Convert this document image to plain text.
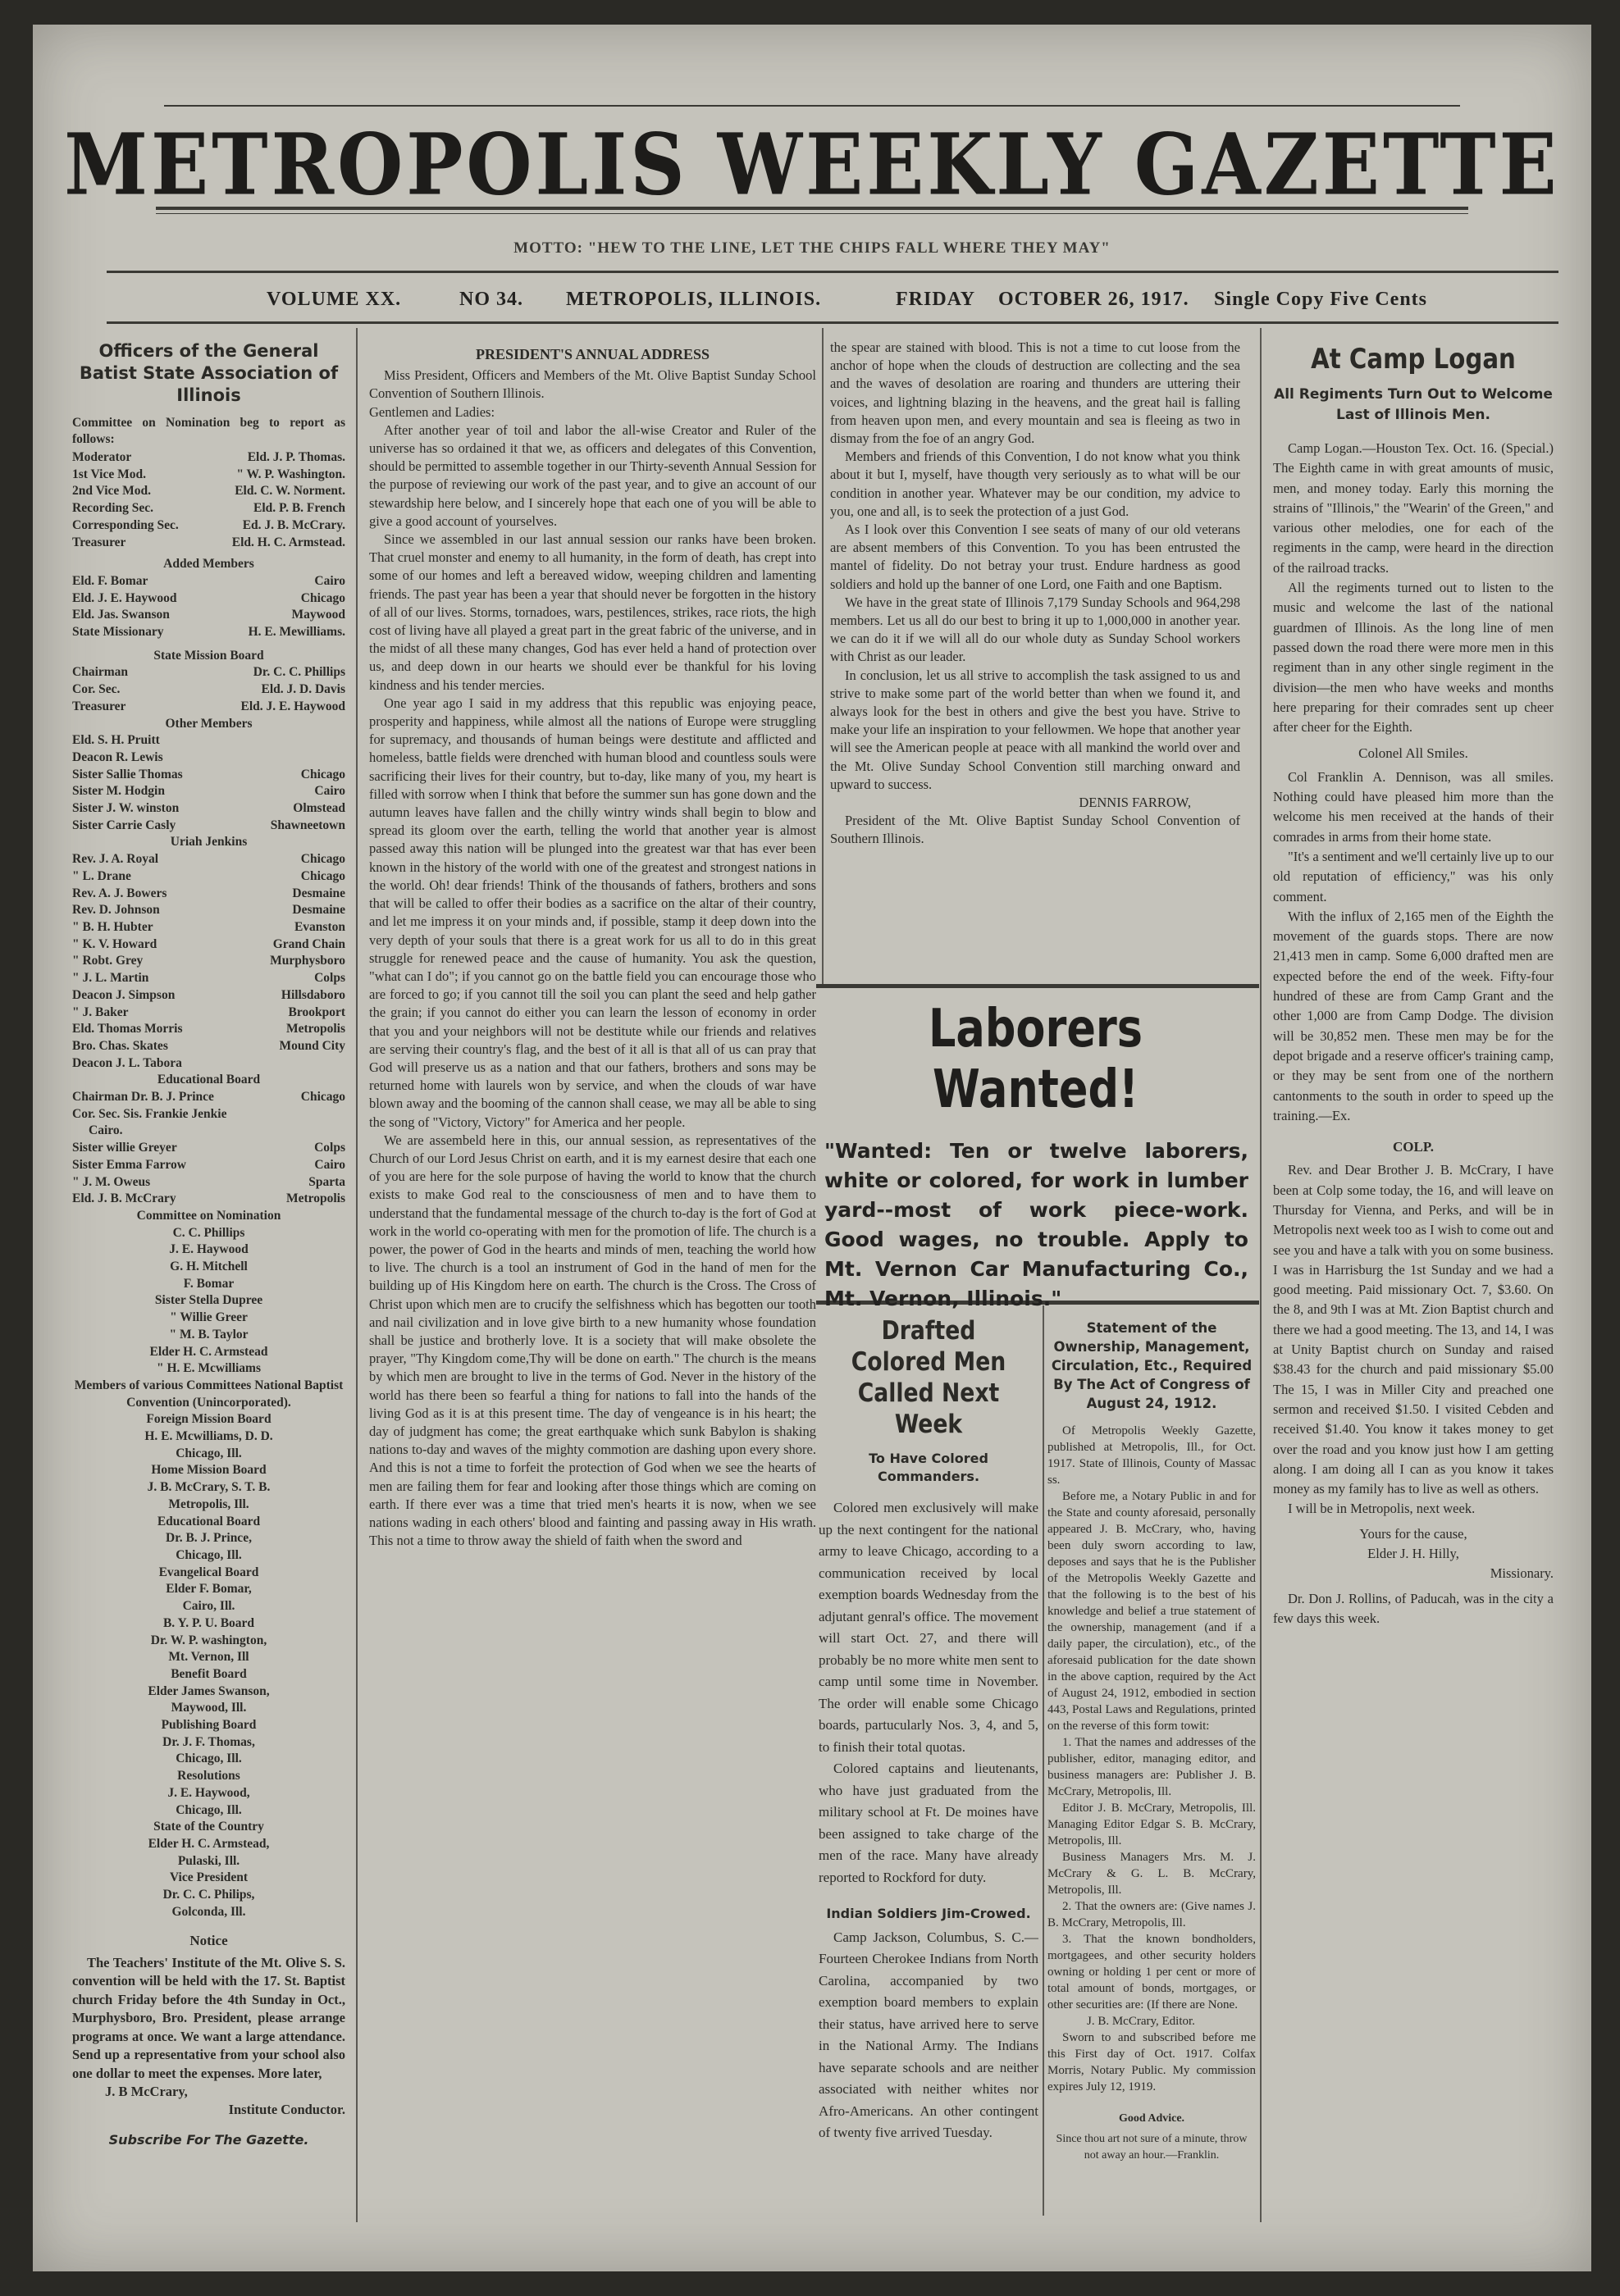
METROPOLIS WEEKLY GAZETTE
MOTTO: "HEW TO THE LINE, LET THE CHIPS FALL WHERE THEY MAY"
VOLUME XX.	NO 34. METROPOLIS, ILLINOIS.	FRIDAY OCTOBER 26, 1917. Single Copy Five Cents
Officers of the General Batist State Association of Illinois
Committee on Nomination beg to report as follows:
Moderator	Eld. J. P. Thomas.
1st Vice Mod.	" W. P. Washington.
2nd Vice Mod.	Eld. C. W. Norment.
Recording Sec.	Eld. P. B. French
Corresponding Sec.	Ed. J. B. McCrary.
Treasurer	Eld. H. C. Armstead.
Added Members
Eld. F. Bomar	Cairo
Eld. J. E. Haywood	Chicago
Eld. Jas. Swanson	Maywood
State Missionary	H. E. Mewilliams.
State Mission Board
Chairman	Dr. C. C. Phillips
Cor. Sec.	Eld. J. D. Davis
Treasurer	Eld. J. E. Haywood
Other Members
Eld. S. H. Pruitt
Deacon R. Lewis
Sister Sallie Thomas	Chicago
Sister M. Hodgin	Cairo
Sister J. W. winston	Olmstead
Sister Carrie Casly	Shawneetown
Uriah Jenkins
Rev. J. A. Royal	Chicago
" L. Drane	Chicago
Rev. A. J. Bowers	Desmaine
Rev. D. Johnson	Desmaine
" B. H. Hubter	Evanston
" K. V. Howard	Grand Chain
" Robt. Grey	Murphysboro
" J. L. Martin	Colps
Deacon J. Simpson	Hillsdaboro
" J. Baker	Brookport
Eld. Thomas Morris	Metropolis
Bro. Chas. Skates	Mound City
Deacon J. L. Tabora
Educational Board
Chairman Dr. B. J. Prince	Chicago
Cor. Sec. Sis. Frankie Jenkie
Cairo.
Sister willie Greyer	Colps
Sister Emma Farrow	Cairo
" J. M. Oweus	Sparta
Eld. J. B. McCrary	Metropolis
Committee on Nomination
C. C. Phillips
J. E. Haywood
G. H. Mitchell
F. Bomar
Sister Stella Dupree
" Willie Greer
" M. B. Taylor
Elder H. C. Armstead
" H. E. Mcwilliams
Members of various Committees National Baptist Convention (Unincorporated).
Foreign Mission Board
H. E. Mcwilliams, D. D.
Chicago, Ill.
Home Mission Board
J. B. McCrary, S. T. B.
Metropolis, Ill.
Educational Board
Dr. B. J. Prince,
Chicago, Ill.
Evangelical Board
Elder F. Bomar,
Cairo, Ill.
B. Y. P. U. Board
Dr. W. P. washington,
Mt. Vernon, Ill
Benefit Board
Elder James Swanson,
Maywood, Ill.
Publishing Board
Dr. J. F. Thomas,
Chicago, Ill.
Resolutions
J. E. Haywood,
Chicago, Ill.
State of the Country
Elder H. C. Armstead,
Pulaski, Ill.
Vice President
Dr. C. C. Philips,
Golconda, Ill.
Notice

The Teachers' Institute of the Mt. Olive S. S. convention will be held with the 17. St. Baptist church Friday before the 4th Sunday in Oct., Murphysboro, Bro. President, please arrange programs at once. We want a large attendance. Send up a representative from your school also one dollar to meet the expenses. More later,

J. B McCrary,
Institute Conductor.
Subscribe For The Gazette.
PRESIDENT'S ANNUAL ADDRESS

Miss President, Officers and Members of the Mt. Olive Baptist Sunday School Convention of Southern Illinois.

Gentlemen and Ladies:

After another year of toil and labor the all-wise Creator and Ruler of the universe has so ordained it that we, as officers and delegates of this Convention, should be permitted to assemble together in our Thirty-seventh Annual Session for the purpose of reviewing our work of the past year, and to give an account of our stewardship here below, and I sincerely hope that each one of you will be able to give a good account of yourselves.

Since we assembled in our last annual session our ranks have been broken. That cruel monster and enemy to all humanity, in the form of death, has crept into some of our homes and left a bereaved widow, weeping children and lamenting friends. The past year has been a year that should never be forgotten in the history of all of our lives. Storms, tornadoes, wars, pestilences, strikes, race riots, the high cost of living have all played a great part in the great fabric of the universe, and in the midst of all these many changes, God has ever held a hand of protection over us, and deep down in our hearts we should ever be thankful for his loving kindness and his tender mercies.

One year ago I said in my address that this republic was enjoying peace, prosperity and happiness, while almost all the nations of Europe were struggling for supremacy, and thousands of human beings were destitute and afflicted and homeless, battle fields were drenched with human blood and countless souls were sacrificing their lives for their country, but to-day, like many of you, my heart is filled with sorrow when I think that before the summer sun has gone down and the autumn leaves have fallen and the chilly wintry winds shall begin to blow and spread its gloom over the earth, telling the world that another year is almost passed away this nation will be plunged into the greatest war that has ever been known in the history of the world with one of the greatest and strongest nations in the world. Oh! dear friends! Think of the thousands of fathers, brothers and sons that will be called to offer their bodies as a sacrifice on the altar of their country, and let me impress it on your minds and, if possible, stamp it deep down into the very depth of your souls that there is a great work for us all to do in this great struggle for renewed peace and the cause of humanity. You ask the question, "what can I do"; if you cannot go on the battle field you can encourage those who are forced to go; if you cannot till the soil you can plant the seed and help gather the grain; if you cannot do either you can learn the lesson of economy in order that you and your neighbors will not be destitute while our friends and relatives are serving their country's flag, and the best of it all is that all of us can pray that God will preserve us as a nation and that our fathers, brothers and sons may be returned home with laurels won by service, and when the clouds of war have blown away and the booming of the cannon shall cease, we may all be able to sing the song of "Victory, Victory" for America and her people.

We are assembeld here in this, our annual session, as representatives of the Church of our Lord Jesus Christ on earth, and it is my earnest desire that each one of you are here for the sole purpose of having the world to know that the church exists to make God real to the consciousness of men and to have them to understand that the fundamental message of the church to-day is the fort of God at work in the world co-operating with men for the promotion of life. The church is a power, the power of God in the hearts and minds of men, teaching the world how to live. The church is a tool an instrument of God in the hand of men for the building up of His Kingdom here on earth. The church is the Cross. The Cross of Christ upon which men are to crucify the selfishness which has begotten our tooth and nail civilization and in love give birth to a new humanity whose foundation shall be justice and brotherly love. It is a society that will make obsolete the prayer, "Thy Kingdom come,Thy will be done on earth." The church is the means by which men are brought to live in the terms of God. Never in the history of the world has there been so fearful a thing for nations to fall into the hands of the living God as it is at this present time. The day of vengeance is in his heart; the day of judgment has come; the great earthquake which sunk Babylon is shaking nations to-day and waves of the mighty commotion are dashing upon every shore. And this is not a time to forfeit the protection of God when we see the hearts of men are failing them for fear and looking after those things which are coming on earth. If there ever was a time that tried men's hearts it is now, when we see nations wading in each others' blood and fainting and passing away in His wrath. This not a time to throw away the shield of faith when the sword and

the spear are stained with blood. This is not a time to cut loose from the anchor of hope when the clouds of destruction are collecting and the sea and the waves of desolation are roaring and thunders are uttering their voices, and lightning blazing in the heavens, and the great hail is falling from heaven upon men, and every mountain and sea is fleeing as two in dismay from the foe of an angry God.

Members and friends of this Convention, I do not know what you think about it but I, myself, have thougth very seriously as to what will be our condition in another year. Whatever may be our condition, my advice to you, one and all, is to seek the protection of a just God.

As I look over this Convention I see seats of many of our old veterans are absent members of this Convention. To you has been entrusted the mantel of fidelity. Do not betray your trust. Endure hardness as good soldiers and hold up the banner of one Lord, one Faith and one Baptism.

We have in the great state of Illinois 7,179 Sunday Schools and 964,298 members. Let us all do our best to bring it up to 1,000,000 in another year. we can do it if we will all do our whole duty as Sunday School workers with Christ as our leader.

In conclusion, let us all strive to accomplish the task assigned to us and strive to make some part of the world better than when we found it, and always look for the best in others and give the best you have. Strive to make your life an inspiration to your fellowmen. We hope that another year will see the American people at peace with all mankind the world over and the Mt. Olive Sunday School Convention still marching onward and upward to success.

DENNIS FARROW,

President of the Mt. Olive Baptist Sunday School Convention of Southern Illinois.

Laborers Wanted!
"Wanted: Ten or twelve laborers, white or colored, for work in lumber yard--most of work piece-work. Good wages, no trouble. Apply to Mt. Vernon Car Manufacturing Co., Mt. Vernon, Illinois."
Drafted Colored Men Called Next Week
To Have Colored Commanders.

Colored men exclusively will make up the next contingent for the national army to leave Chicago, according to a communication received by local exemption boards Wednesday from the adjutant genral's office. The movement will start Oct. 27, and there will probably be no more white men sent to camp until some time in November. The order will enable some Chicago boards, partucularly Nos. 3, 4, and 5, to finish their total quotas.

Colored captains and lieutenants, who have just graduated from the military school at Ft. De moines have been assigned to take charge of the men of the race. Many have already reported to Rockford for duty.

Indian Soldiers Jim-Crowed.

Camp Jackson, Columbus, S. C.—Fourteen Cherokee Indians from North Carolina, accompanied by two exemption board members to explain their status, have arrived here to serve in the National Army. The Indians have separate schools and are neither associated with neither whites nor Afro-Americans. An other contingent of twenty five arrived Tuesday.

Statement of the Ownership, Management, Circulation, Etc., Required By The Act of Congress of August 24, 1912.

Of Metropolis Weekly Gazette, published at Metropolis, Ill., for Oct. 1917. State of Illinois, County of Massac ss.

Before me, a Notary Public in and for the State and county aforesaid, personally appeared J. B. McCrary, who, having been duly sworn according to law, deposes and says that he is the Publisher of the Metropolis Weekly Gazette and that the following is to the best of his knowledge and belief a true statement of the ownership, management (and if a daily paper, the circulation), etc., of the aforesaid publication for the date shown in the above caption, required by the Act of August 24, 1912, embodied in section 443, Postal Laws and Regulations, printed on the reverse of this form towit:

1. That the names and addresses of the publisher, editor, managing editor, and business managers are: Publisher J. B. McCrary, Metropolis, Ill.

Editor J. B. McCrary, Metropolis, Ill. Managing Editor Edgar S. B. McCrary, Metropolis, Ill.

Business Managers Mrs. M. J. McCrary & G. L. B. McCrary, Metropolis, Ill.

2. That the owners are: (Give names J. B. McCrary, Metropolis, Ill.

3. That the known bondholders, mortgagees, and other security holders owning or holding 1 per cent or more of total amount of bonds, mortgages, or other securities are: (If there are None.

J. B. McCrary, Editor.

Sworn to and subscribed before me this First day of Oct. 1917. Colfax Morris, Notary Public. My commission expires July 12, 1919.

Good Advice.

Since thou art not sure of a minute, throw not away an hour.—Franklin.

At Camp Logan
All Regiments Turn Out to Welcome Last of Illinois Men.

Camp Logan.—Houston Tex. Oct. 16. (Special.) The Eighth came in with great amounts of music, men, and money today. Early this morning the strains of "Illinois," the "Wearin' of the Green," and various other melodies, one for each of the regiments in the camp, were heard in the direction of the railroad tracks.

All the regiments turned out to listen to the music and welcome the last of the national guardmen of Illinois. As the long line of men passed down the road there were more men in this regiment than in any other single regiment in the division—the men who have weeks and months here preparing for their comrades sent up cheer after cheer for the Eighth.

Colonel All Smiles.

Col Franklin A. Dennison, was all smiles. Nothing could have pleased him more than the welcome his men received at the hands of their comrades in arms from their home state.

"It's a sentiment and we'll certainly live up to our old reputation of efficiency," was his only comment.

With the influx of 2,165 men of the Eighth the movement of the guards stops. There are now 21,413 men in camp. Some 6,000 drafted men are expected before the end of the week. Fifty-four hundred of these are from Camp Grant and the other 1,000 are from Camp Dodge. The division will be 30,852 men. These men may be for the depot brigade and a reserve officer's training camp, or they may be sent from one of the northern cantonments to the south in order to speed up the training.—Ex.

COLP.

Rev. and Dear Brother J. B. McCrary, I have been at Colp some today, the 16, and will leave on Thursday for Vienna, and Perks, and will be in Metropolis next week too as I wish to come out and see you and have a talk with you on some business. I was in Harrisburg the 1st Sunday and we had a good meeting. Paid missionary Oct. 7, $3.60. On the 8, and 9th I was at Mt. Zion Baptist church and there we had a good meeting. The 13, and 14, I was at Unity Baptist church on Sunday and raised $38.43 for the church and paid missionary $5.00 The 15, I was in Miller City and preached one sermon and received $1.50. I visited Cebden and received $1.40. You know it takes money to get over the road and you know just how I am getting along. I am doing all I can as you know it takes money as my family has to live as well as others.

I will be in Metropolis, next week.

Yours for the cause,
Elder J. H. Hilly,
Missionary.

Dr. Don J. Rollins, of Paducah, was in the city a few days this week.
